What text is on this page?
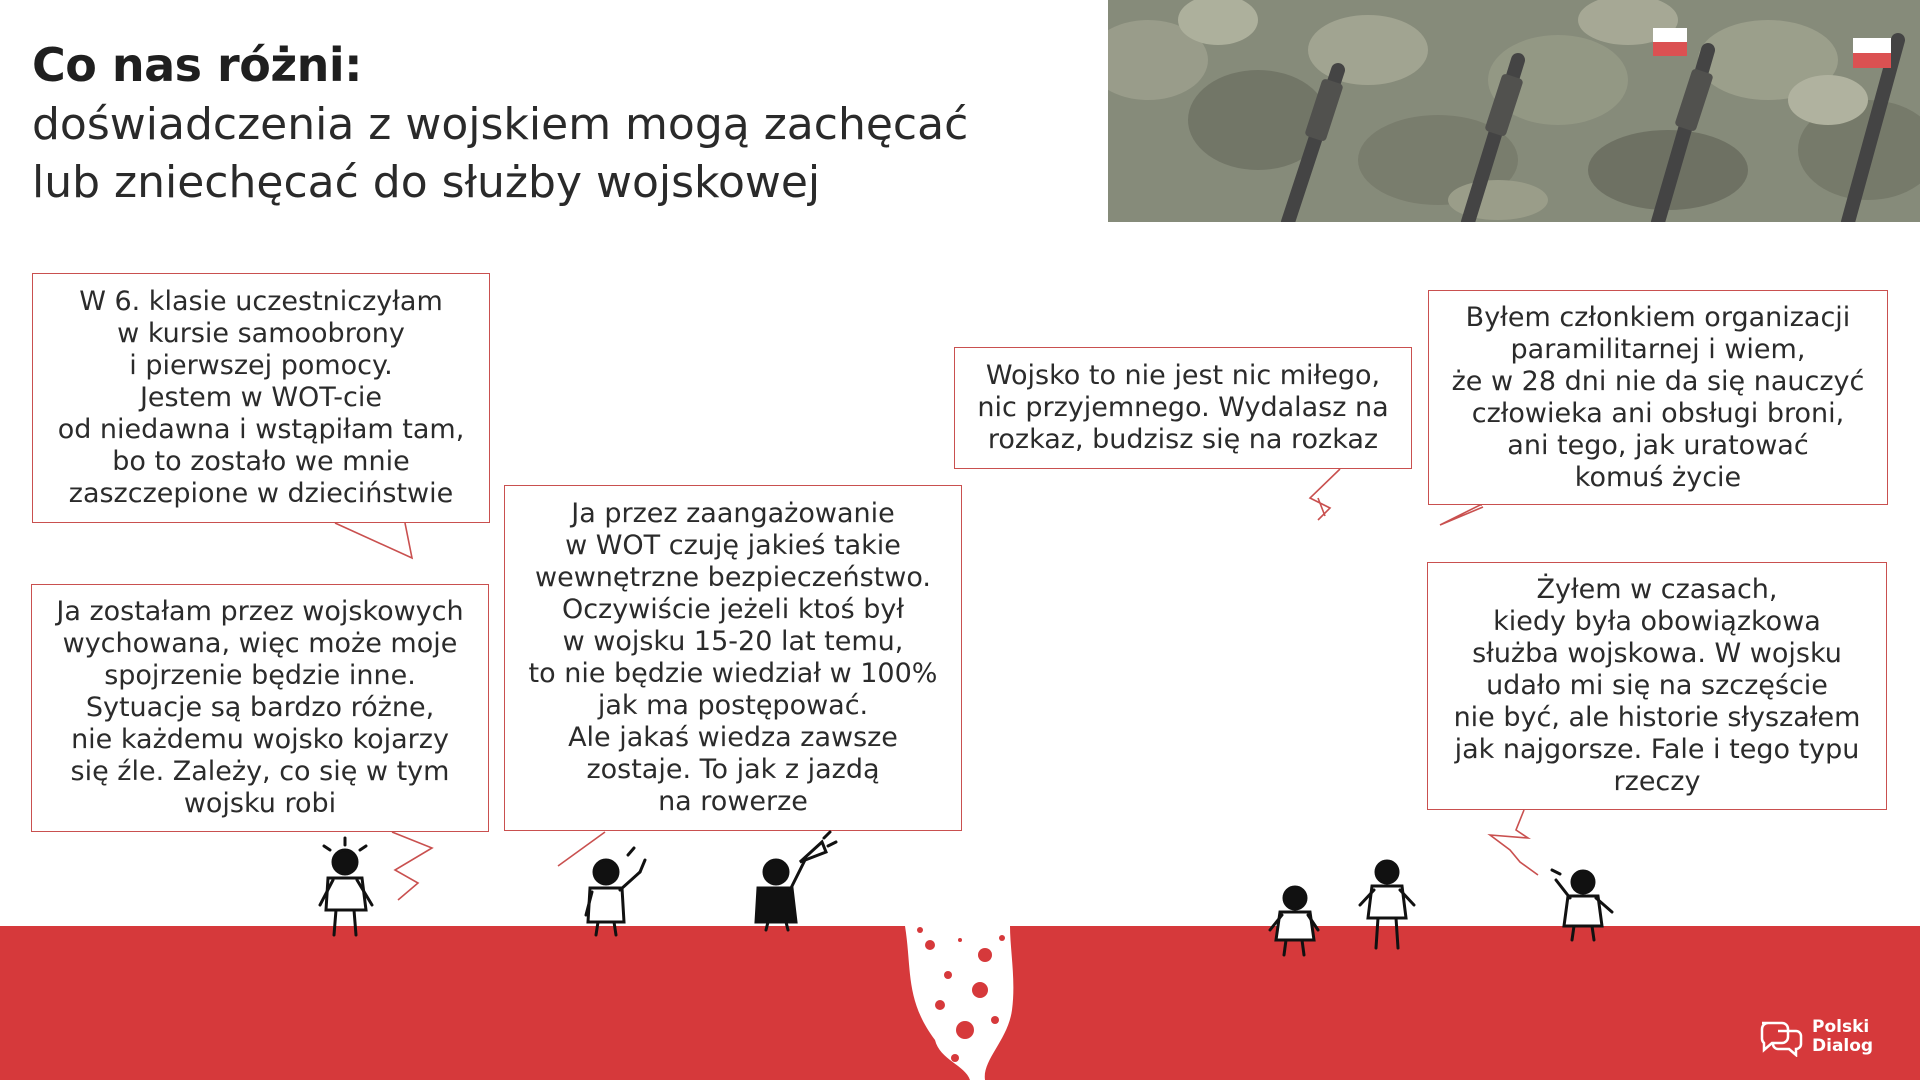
Co nas różni:
doświadczenia z wojskiem mogą zachęcać
lub zniechęcać do służby wojskowej
W 6. klasie uczestniczyłam
w kursie samoobrony
i pierwszej pomocy.
Jestem w WOT-cie
od niedawna i wstąpiłam tam,
bo to zostało we mnie
zaszczepione w dzieciństwie
Ja zostałam przez wojskowych
wychowana, więc może moje
spojrzenie będzie inne.
Sytuacje są bardzo różne,
nie każdemu wojsko kojarzy
się źle. Zależy, co się w tym
wojsku robi
Ja przez zaangażowanie
w WOT czuję jakieś takie
wewnętrzne bezpieczeństwo.
Oczywiście jeżeli ktoś był
w wojsku 15-20 lat temu,
to nie będzie wiedział w 100%
jak ma postępować.
Ale jakaś wiedza zawsze
zostaje. To jak z jazdą
na rowerze
Wojsko to nie jest nic miłego,
nic przyjemnego. Wydalasz na
rozkaz, budzisz się na rozkaz
Byłem członkiem organizacji
paramilitarnej i wiem,
że w 28 dni nie da się nauczyć
człowieka ani obsługi broni,
ani tego, jak uratować
komuś życie
Żyłem w czasach,
kiedy była obowiązkowa
służba wojskowa. W wojsku
udało mi się na szczęście
nie być, ale historie słyszałem
jak najgorsze. Fale i tego typu
rzeczy
Polski
Dialog
